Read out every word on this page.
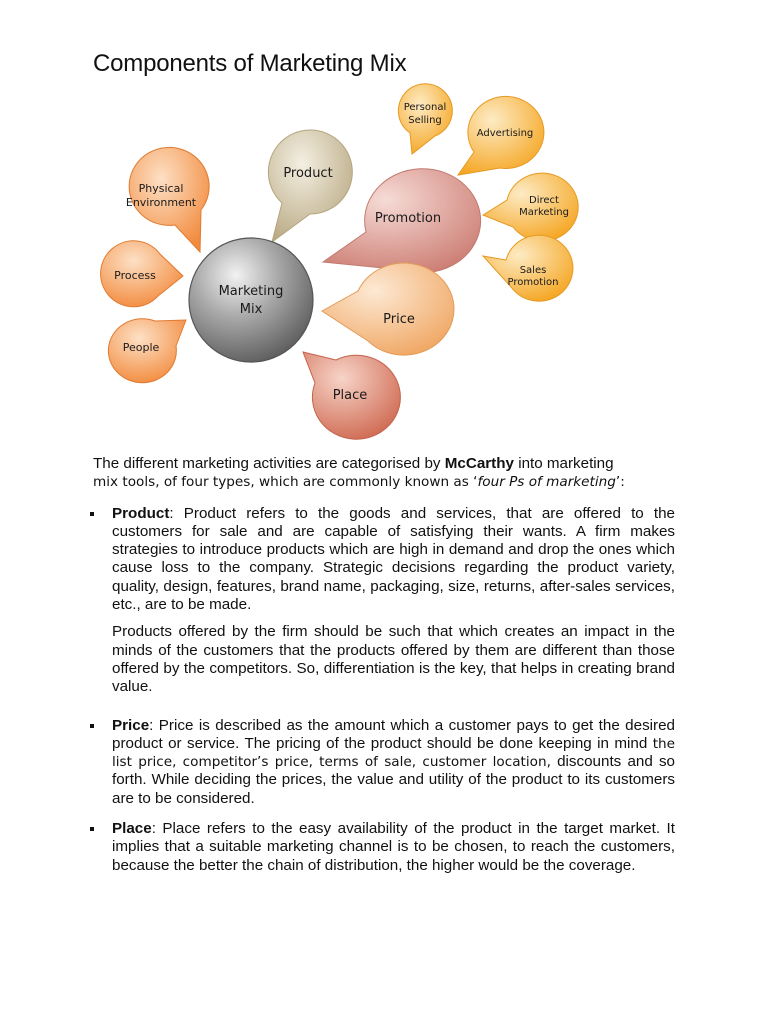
Components of Marketing Mix
Product
Promotion
Personal
Selling
Advertising
Direct
Marketing
Sales
Promotion
Physical
Environment
Process
People
Price
Place
Marketing
Mix

The different marketing activities are categorised by McCarthy into marketing
mix tools, of four types, which are commonly known as ‘four Ps of marketing’:

Product: Product refers to the goods and services, that are offered to the customers for sale and are capable of satisfying their wants. A firm makes strategies to introduce products which are high in demand and drop the ones which cause loss to the company. Strategic decisions regarding the product variety, quality, design, features, brand name, packaging, size, returns, after-sales services, etc., are to be made.

Products offered by the firm should be such that which creates an impact in the minds of the customers that the products offered by them are different than those offered by the competitors. So, differentiation is the key, that helps in creating brand value.

Price: Price is described as the amount which a customer pays to get the desired product or service. The pricing of the product should be done keeping in mind the list price, competitor’s price, terms of sale, customer location, discounts and so forth. While deciding the prices, the value and utility of the product to its customers are to be considered.

Place: Place refers to the easy availability of the product in the target market. It implies that a suitable marketing channel is to be chosen, to reach the customers, because the better the chain of distribution, the higher would be the coverage.
